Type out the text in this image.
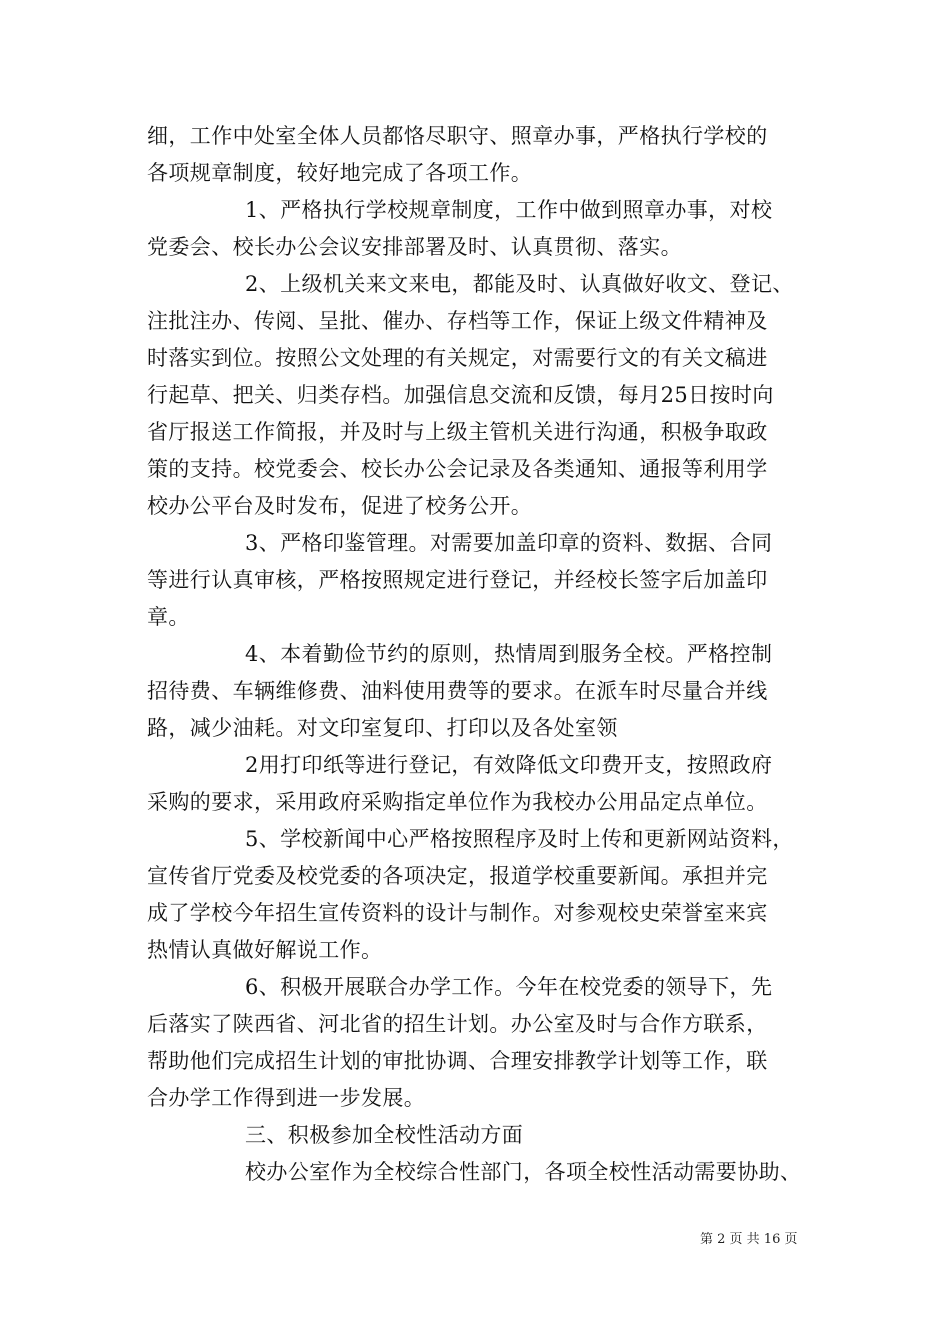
细，工作中处室全体人员都恪尽职守、照章办事，严格执行学校的
各项规章制度，较好地完成了各项工作。
1、严格执行学校规章制度，工作中做到照章办事，对校
党委会、校长办公会议安排部署及时、认真贯彻、落实。
2、上级机关来文来电，都能及时、认真做好收文、登记、
注批注办、传阅、呈批、催办、存档等工作，保证上级文件精神及
时落实到位。按照公文处理的有关规定，对需要行文的有关文稿进
行起草、把关、归类存档。加强信息交流和反馈，每月25日按时向
省厅报送工作简报，并及时与上级主管机关进行沟通，积极争取政
策的支持。校党委会、校长办公会记录及各类通知、通报等利用学
校办公平台及时发布，促进了校务公开。
3、严格印鉴管理。对需要加盖印章的资料、数据、合同
等进行认真审核，严格按照规定进行登记，并经校长签字后加盖印
章。
4、本着勤俭节约的原则，热情周到服务全校。严格控制
招待费、车辆维修费、油料使用费等的要求。在派车时尽量合并线
路，减少油耗。对文印室复印、打印以及各处室领
2用打印纸等进行登记，有效降低文印费开支，按照政府
采购的要求，采用政府采购指定单位作为我校办公用品定点单位。
5、学校新闻中心严格按照程序及时上传和更新网站资料，
宣传省厅党委及校党委的各项决定，报道学校重要新闻。承担并完
成了学校今年招生宣传资料的设计与制作。对参观校史荣誉室来宾
热情认真做好解说工作。
6、积极开展联合办学工作。今年在校党委的领导下，先
后落实了陕西省、河北省的招生计划。办公室及时与合作方联系，
帮助他们完成招生计划的审批协调、合理安排教学计划等工作，联
合办学工作得到进一步发展。
三、积极参加全校性活动方面
校办公室作为全校综合性部门，各项全校性活动需要协助、
第 2 页 共 16 页
